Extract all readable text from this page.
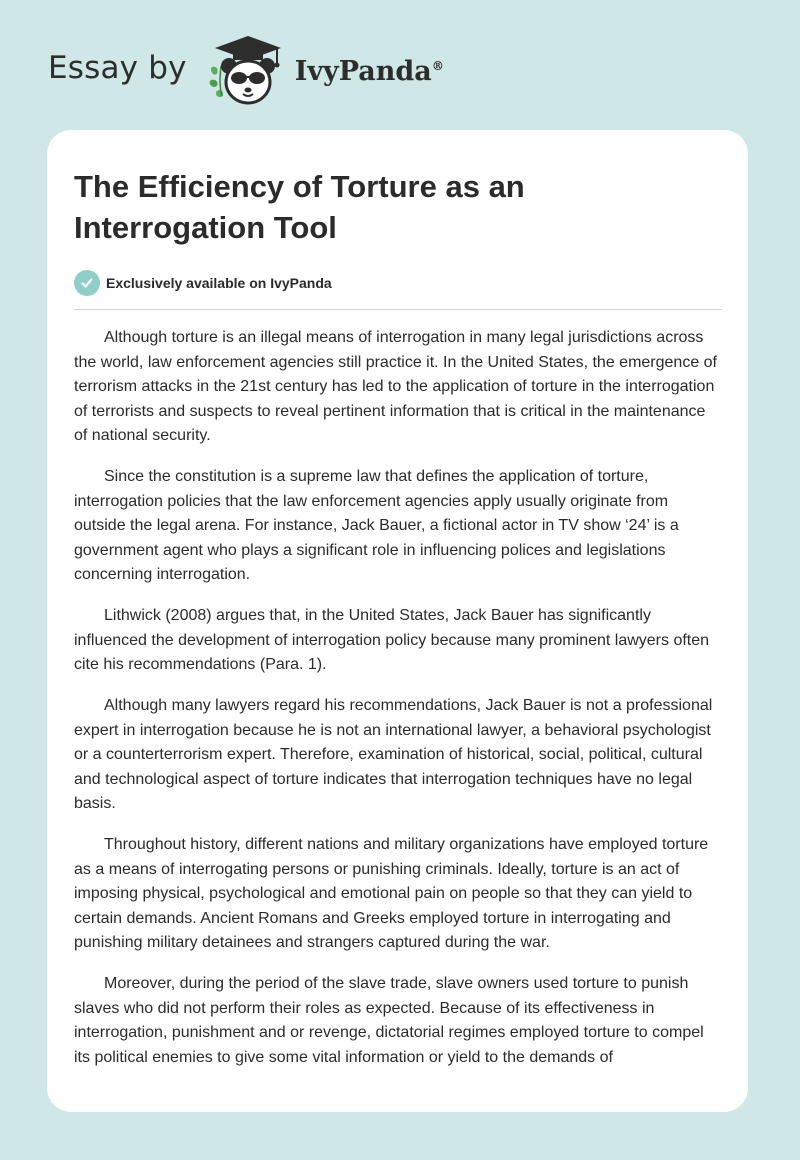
Essay by	IvyPanda®
The Efficiency of Torture as an Interrogation Tool
Exclusively available on IvyPanda

Although torture is an illegal means of interrogation in many legal jurisdictions across the world, law enforcement agencies still practice it. In the United States, the emergence of terrorism attacks in the 21st century has led to the application of torture in the interrogation of terrorists and suspects to reveal pertinent information that is critical in the maintenance of national security.

Since the constitution is a supreme law that defines the application of torture, interrogation policies that the law enforcement agencies apply usually originate from outside the legal arena. For instance, Jack Bauer, a fictional actor in TV show ‘24’ is a government agent who plays a significant role in influencing polices and legislations concerning interrogation.

Lithwick (2008) argues that, in the United States, Jack Bauer has significantly influenced the development of interrogation policy because many prominent lawyers often cite his recommendations (Para. 1).

Although many lawyers regard his recommendations, Jack Bauer is not a professional expert in interrogation because he is not an international lawyer, a behavioral psychologist or a counterterrorism expert. Therefore, examination of historical, social, political, cultural and technological aspect of torture indicates that interrogation techniques have no legal basis.

Throughout history, different nations and military organizations have employed torture as a means of interrogating persons or punishing criminals. Ideally, torture is an act of imposing physical, psychological and emotional pain on people so that they can yield to certain demands. Ancient Romans and Greeks employed torture in interrogating and punishing military detainees and strangers captured during the war.

Moreover, during the period of the slave trade, slave owners used torture to punish slaves who did not perform their roles as expected. Because of its effectiveness in interrogation, punishment and or revenge, dictatorial regimes employed torture to compel its political enemies to give some vital information or yield to the demands of
